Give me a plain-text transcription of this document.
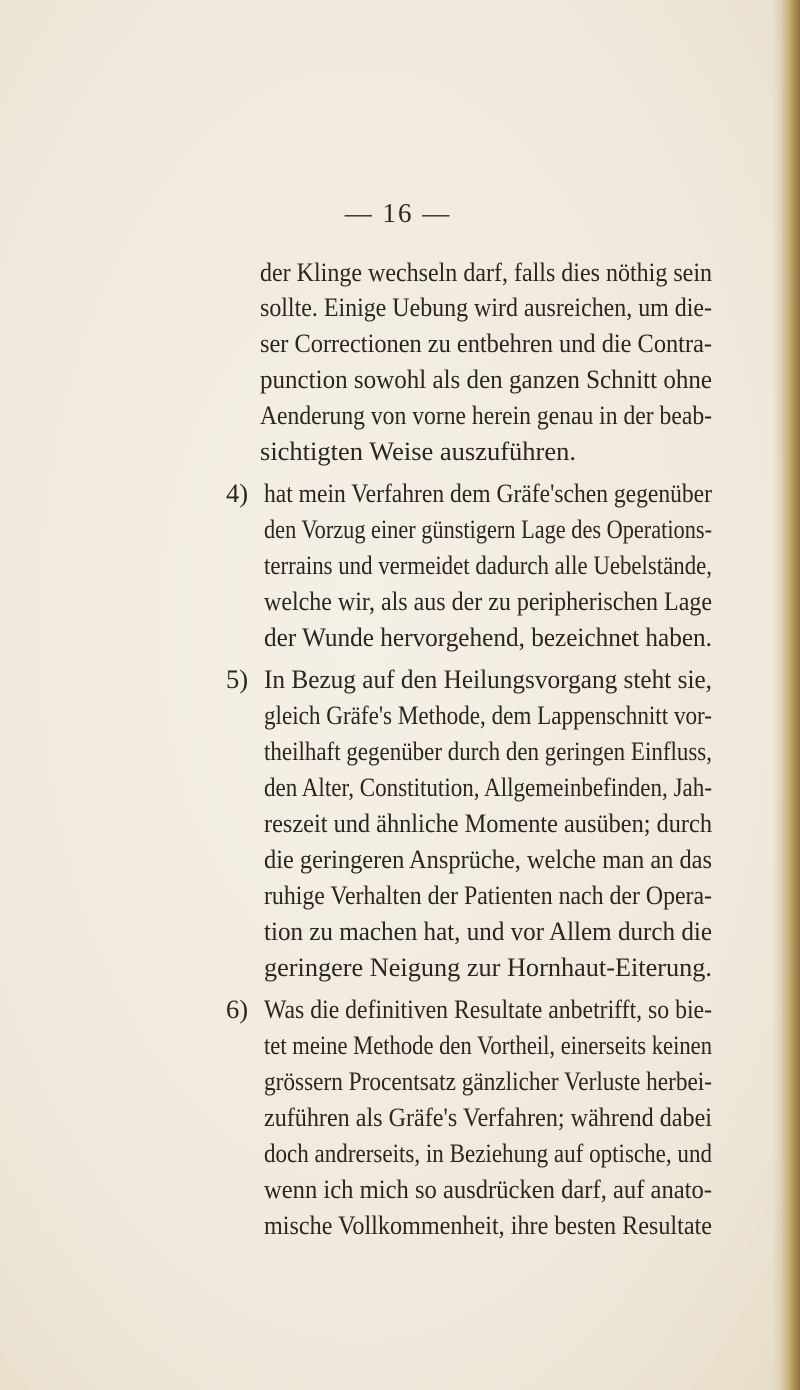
— 16 —
der Klinge wechseln darf, falls dies nöthig sein
sollte. Einige Uebung wird ausreichen, um die-
ser Correctionen zu entbehren und die Contra-
punction sowohl als den ganzen Schnitt ohne
Aenderung von vorne herein genau in der beab-
sichtigten Weise auszuführen.
4) hat mein Verfahren dem Gräfe'schen gegenüber
den Vorzug einer günstigern Lage des Operations-
terrains und vermeidet dadurch alle Uebelstände,
welche wir, als aus der zu peripherischen Lage
der Wunde hervorgehend, bezeichnet haben.
5) In Bezug auf den Heilungsvorgang steht sie,
gleich Gräfe's Methode, dem Lappenschnitt vor-
theilhaft gegenüber durch den geringen Einfluss,
den Alter, Constitution, Allgemeinbefinden, Jah-
reszeit und ähnliche Momente ausüben; durch
die geringeren Ansprüche, welche man an das
ruhige Verhalten der Patienten nach der Opera-
tion zu machen hat, und vor Allem durch die
geringere Neigung zur Hornhaut-Eiterung.
6) Was die definitiven Resultate anbetrifft, so bie-
tet meine Methode den Vortheil, einerseits keinen
grössern Procentsatz gänzlicher Verluste herbei-
zuführen als Gräfe's Verfahren; während dabei
doch andrerseits, in Beziehung auf optische, und
wenn ich mich so ausdrücken darf, auf anato-
mische Vollkommenheit, ihre besten Resultate
